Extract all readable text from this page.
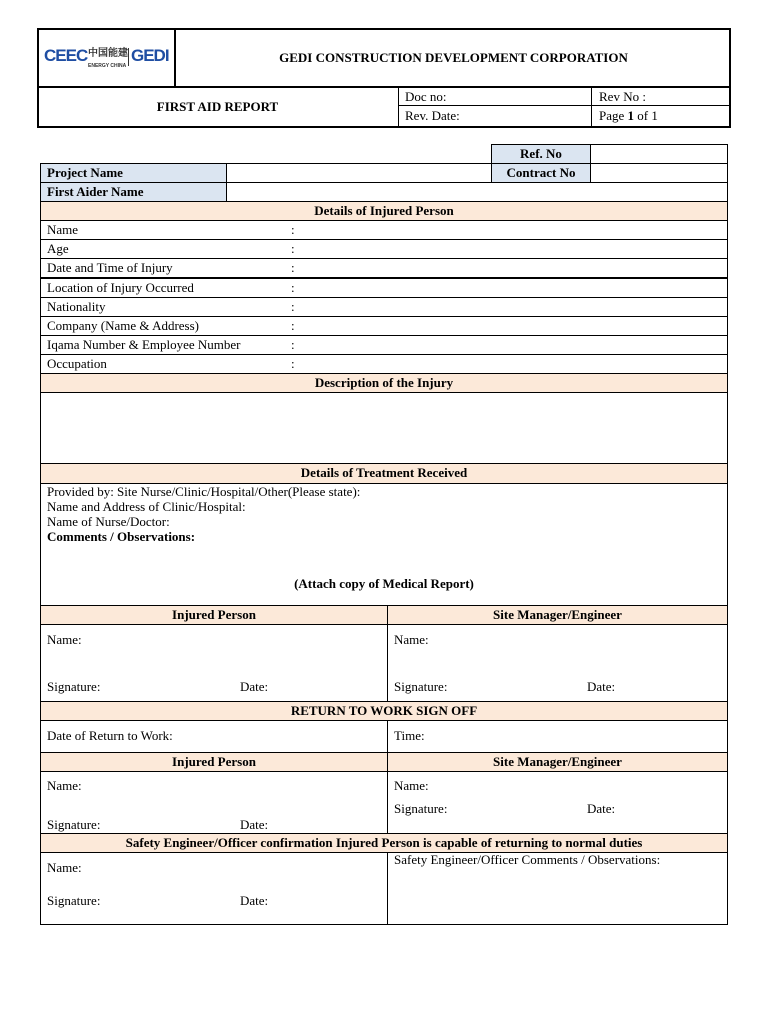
CEEC 中国能建
ENERGY CHINA
GEDI	GEDI CONSTRUCTION DEVELOPMENT CORPORATION
FIRST AID REPORT
Doc no:	Rev No :
Rev. Date:	Page 1 of 1
Ref. No
Project Name	Contract No
First Aider Name
Details of Injured Person
Name	:
Age	:
Date and Time of Injury	:
Location of Injury Occurred	:
Nationality	:
Company (Name & Address)	:
Iqama Number & Employee Number	:
Occupation	:
Description of the Injury
Details of Treatment Received
Provided by: Site Nurse/Clinic/Hospital/Other(Please state):
Name and Address of Clinic/Hospital:
Name of Nurse/Doctor:
Comments / Observations:
(Attach copy of Medical Report)
Injured Person	Site Manager/Engineer
Name:
Signature:	Date:
Name:
Signature:	Date:
RETURN TO WORK SIGN OFF
Date of Return to Work:	Time:
Injured Person	Site Manager/Engineer
Name:
Signature:	Date:
Name:
Signature:	Date:
Safety Engineer/Officer confirmation Injured Person is capable of returning to normal duties
Name:
Signature:	Date:
Safety Engineer/Officer Comments / Observations:
